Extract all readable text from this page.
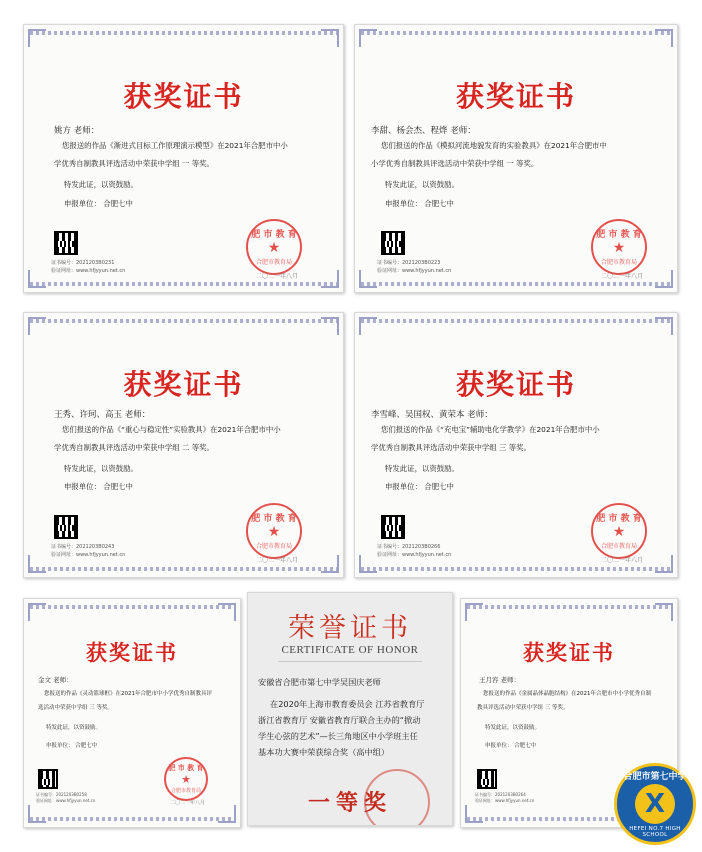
获奖证书
姚方 老师：
您报送的作品《渐进式目标工作原理演示模型》在2021年合肥市中小
学优秀自制教具评选活动中荣获中学组 一 等奖。
特发此证，以资鼓励。
申报单位： 合肥七中
证书编号：2021203B0231
验证网址：www.hfjyyun.net.cn
肥 市 教 育
★
合肥市教育局
二〇二一年八月
获奖证书
李甜、杨会杰、程烨 老师：
您们报送的作品《模拟河流地貌发育的实验教具》在2021年合肥市中
小学优秀自制教具评选活动中荣获中学组 一 等奖。
特发此证，以资鼓励。
申报单位： 合肥七中
证书编号：2021203B0223
验证网址：www.hfjyyun.net.cn
肥 市 教 育
★
合肥市教育局
二〇二一年八月
获奖证书
王秀、许珂、高玉 老师：
您们报送的作品《“重心与稳定性”实验教具》在2021年合肥市中小
学优秀自制教具评选活动中荣获中学组 二 等奖。
特发此证，以资鼓励。
申报单位： 合肥七中
证书编号：2021203B0243
验证网址：www.hfjyyun.net.cn
肥 市 教 育
★
合肥市教育局
二〇二一年八月
获奖证书
李雪峰、吴国权、黄荣本 老师：
您们报送的作品《“充电宝”辅助电化学教学》在2021年合肥市中小
学优秀自制教具评选活动中荣获中学组 三 等奖。
特发此证，以资鼓励。
申报单位： 合肥七中
证书编号：2021203B0266
验证网址：www.hfjyyun.net.cn
肥 市 教 育
★
合肥市教育局
二〇二一年八月
获奖证书
金文 老师：
您报送的作品《灵动篮球框》在2021年合肥市中小学优秀自制教具评
选活动中荣获中学组 三 等奖。
特发此证，以资鼓励。
申报单位： 合肥七中
证书编号：2021203B0258
验证网址：www.hfjyyun.net.cn
肥 市 教 育
★
合肥市教育局
二〇二一年八月
荣誉证书
CERTIFICATE OF HONOR
安徽省合肥市第七中学吴国庆老师
在2020年上海市教育委员会 江苏省教育厅
浙江省教育厅 安徽省教育厅联合主办的“掀动
学生心弦的艺术”—长三角地区中小学班主任
基本功大赛中荣获综合奖（高中组）
一等奖
获奖证书
王月容 老师：
您报送的作品《金属晶体晶胞结构》在2021年合肥市中小学优秀自制
教具评选活动中荣获中学组 三 等奖。
特发此证，以资鼓励。
申报单位： 合肥七中
证书编号：2021203B0264
验证网址：www.hfjyyun.net.cn
合肥市第七中学
X
HEFEI NO.7 HIGH SCHOOL
